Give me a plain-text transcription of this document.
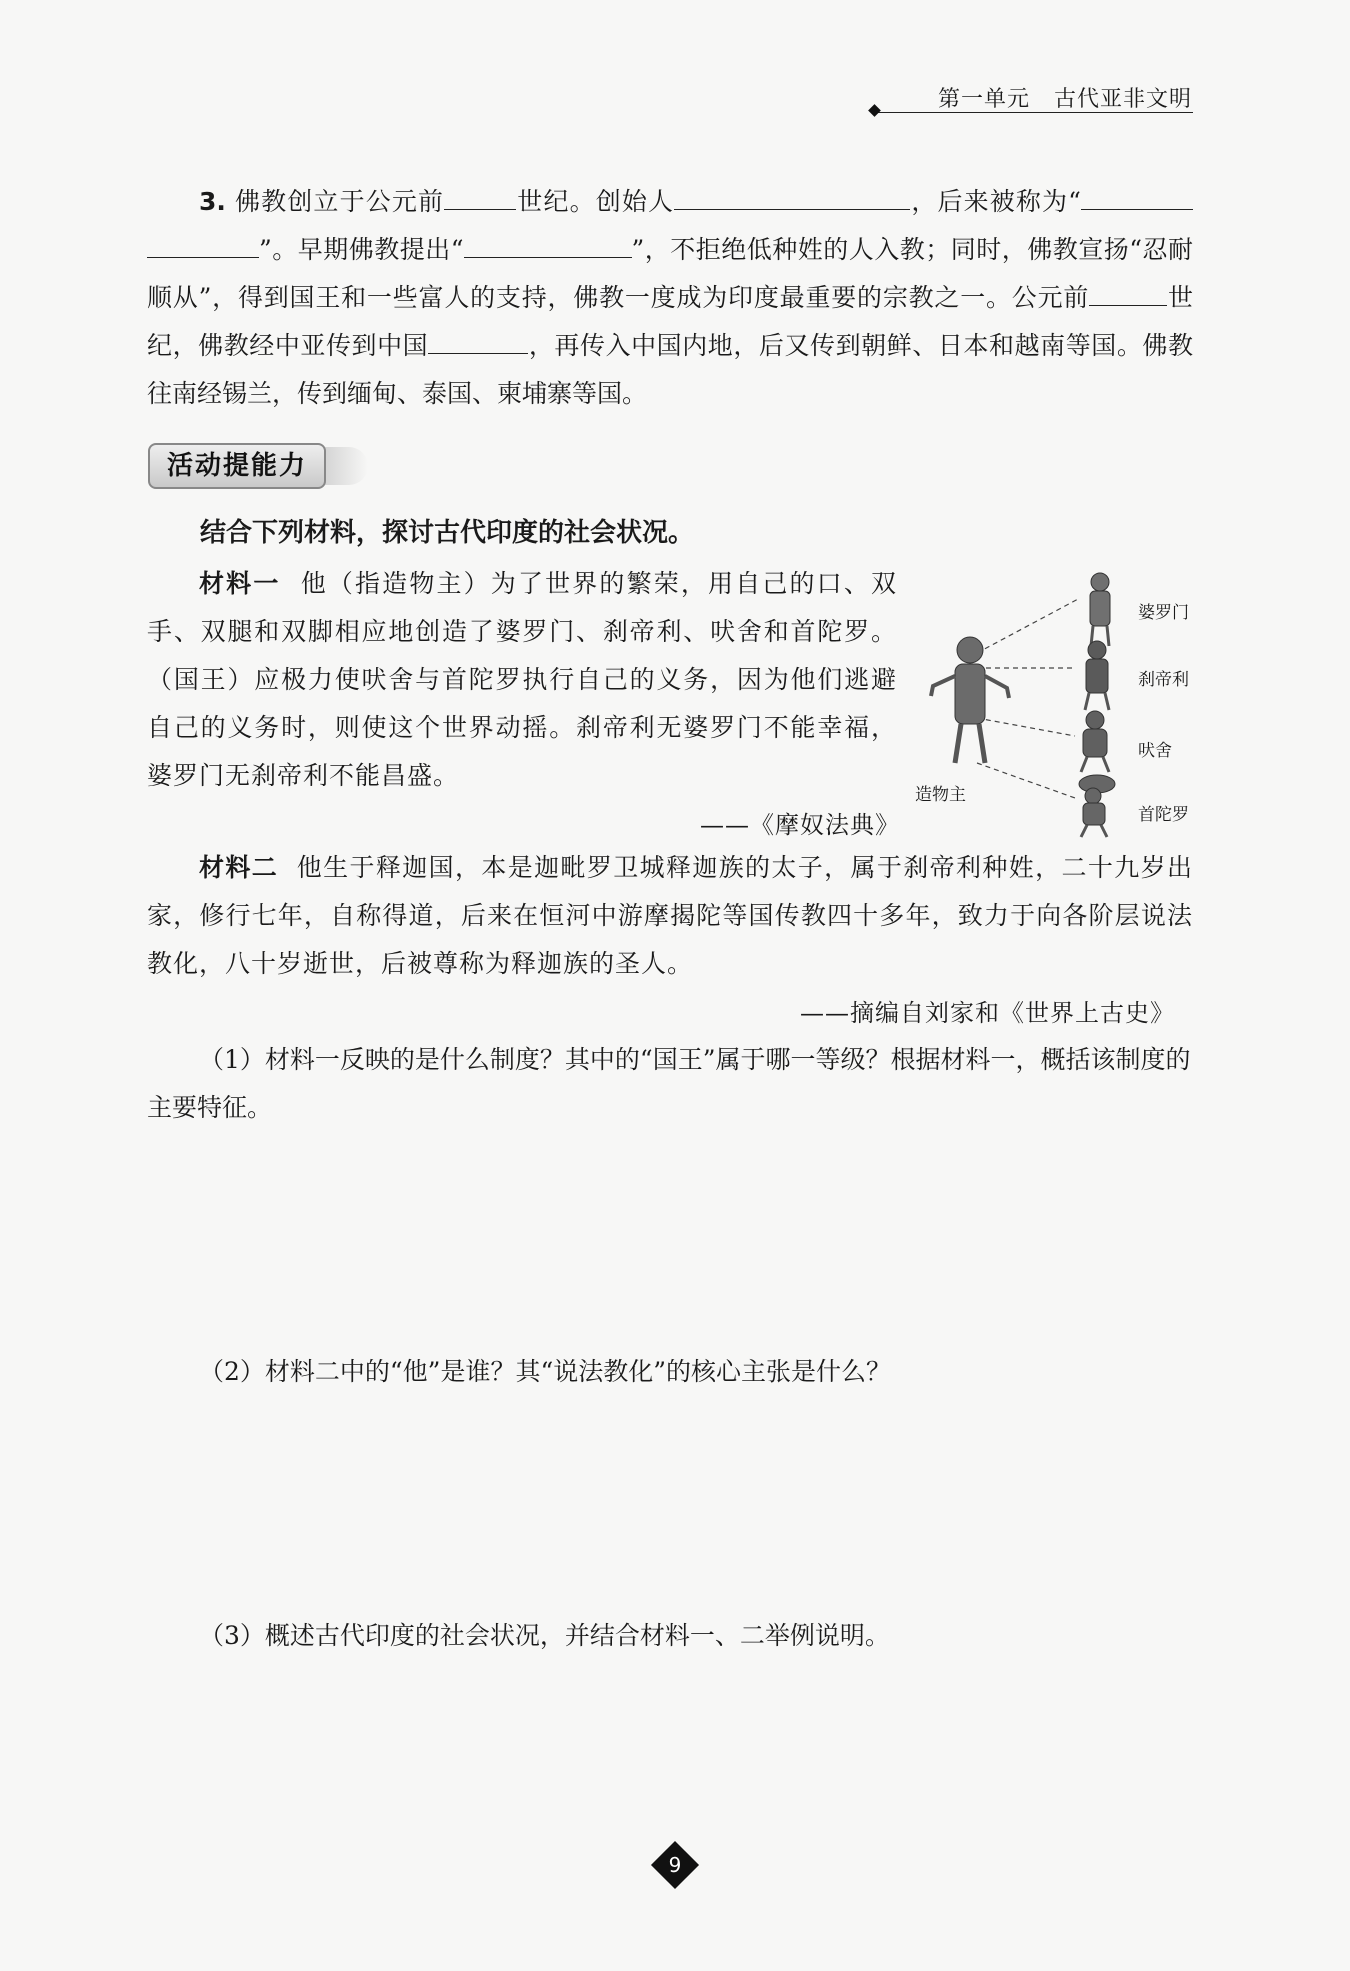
第一单元 古代亚非文明
3. 佛教创立于公元前	世纪。创始人	，后来被称为“”。早期佛教提出“	”，不拒绝低种姓的人入教；同时，佛教宣扬“忍耐顺从”，得到国王和一些富人的支持，佛教一度成为印度最重要的宗教之一。公元前	世纪，佛教经中亚传到中国	，再传入中国内地，后又传到朝鲜、日本和越南等国。佛教往南经锡兰，传到缅甸、泰国、柬埔寨等国。
活动提能力
结合下列材料，探讨古代印度的社会状况。
材料一 他（指造物主）为了世界的繁荣，用自己的口、双手、双腿和双脚相应地创造了婆罗门、刹帝利、吠舍和首陀罗。（国王）应极力使吠舍与首陀罗执行自己的义务，因为他们逃避自己的义务时，则使这个世界动摇。刹帝利无婆罗门不能幸福，婆罗门无刹帝利不能昌盛。
——《摩奴法典》
造物主
婆罗门
刹帝利
吠舍
首陀罗
材料二 他生于释迦国，本是迦毗罗卫城释迦族的太子，属于刹帝利种姓，二十九岁出家，修行七年，自称得道，后来在恒河中游摩揭陀等国传教四十多年，致力于向各阶层说法教化，八十岁逝世，后被尊称为释迦族的圣人。
——摘编自刘家和《世界上古史》
（1）材料一反映的是什么制度？其中的“国王”属于哪一等级？根据材料一，概括该制度的主要特征。
（2）材料二中的“他”是谁？其“说法教化”的核心主张是什么？
（3）概述古代印度的社会状况，并结合材料一、二举例说明。
9
